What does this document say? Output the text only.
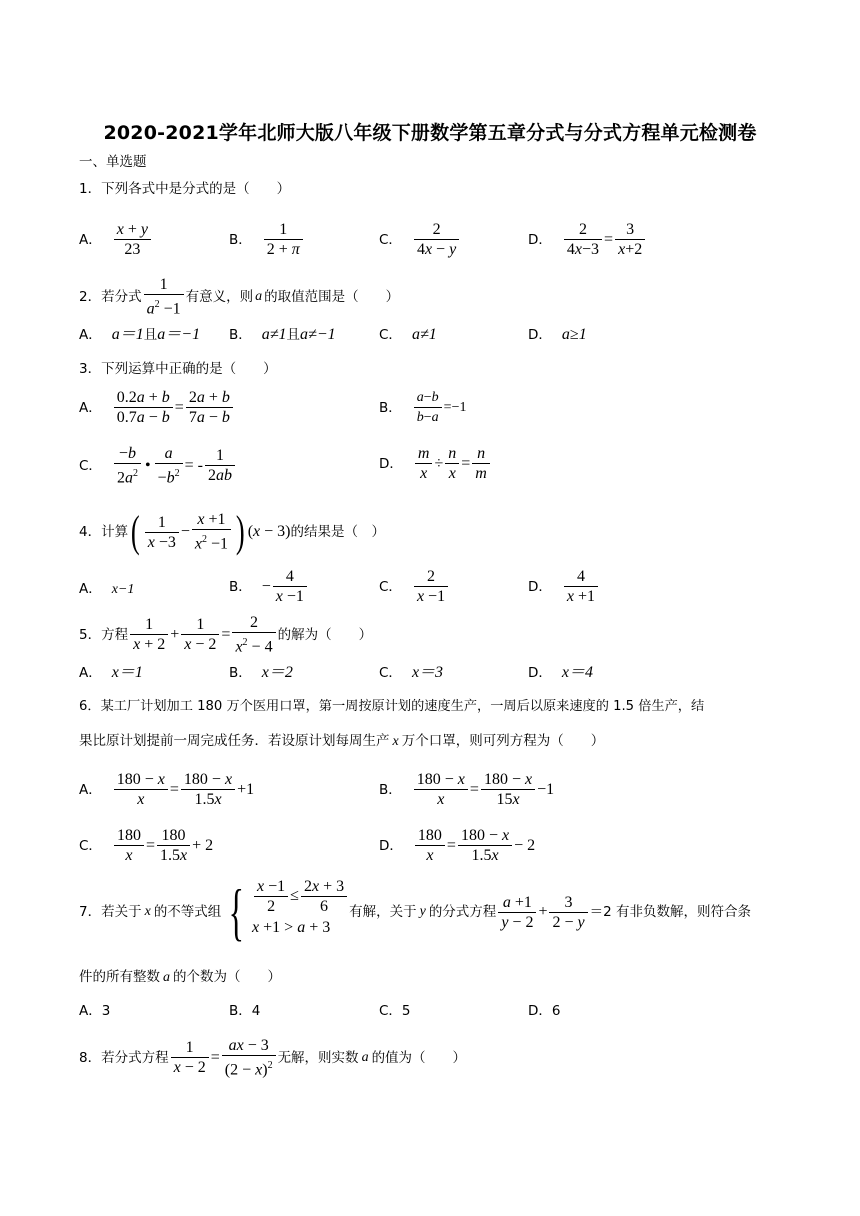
2020-2021学年北师大版八年级下册数学第五章分式与分式方程单元检测卷
一、单选题
1．下列各式中是分式的是（　　）
A． $\frac{x + y}{23}$	B． $\frac{1}{2 + \pi}$	C． $\frac{2}{4x - y}$	D． $\frac{2}{4x-3} = \frac{3}{x+2}$
2．若分式 $\frac{1}{a^2 -1}$ 有意义，则 a 的取值范围是（　　）
A． a＝1且a＝−1 B． a≠1且a≠−1	C． a≠1	D． a≥1
3．下列运算中正确的是（　　）
A． $\frac{0.2a + b}{0.7a - b} = \frac{2a + b}{7a - b}$	B． $\frac{a-b}{b-a} =-1$
C． $\frac{-b}{2a^2}$ • $\frac{a}{-b^2}$ = - $\frac{1}{2ab}$	D． $\frac{m}{x} \div \frac{n}{x} = \frac{n}{m}$
4．计算 ( $\frac{1}{x -3} - \frac{x +1}{x^2 -1}$ ) (x − 3) 的结果是（　）
A． x−1	B． − $\frac{4}{x -1}$	C． $\frac{2}{x -1}$	D． $\frac{4}{x +1}$
5．方程 $\frac{1}{x + 2} + \frac{1}{x - 2} = \frac{2}{x^2 - 4}$ 的解为（　　）
A． x＝1	B． x＝2	C． x＝3	D． x＝4
6．某工厂计划加工 180 万个医用口罩，第一周按原计划的速度生产，一周后以原来速度的 1.5 倍生产，结
果比原计划提前一周完成任务．若设原计划每周生产 x 万个口罩，则可列方程为（　　）
A． $\frac{180 - x}{x} = \frac{180 - x}{1.5x} +1$	B． $\frac{180 - x}{x} = \frac{180 - x}{15x} -1$
C． $\frac{180}{x} = \frac{180}{1.5x} + 2$	D． $\frac{180}{x} = \frac{180 - x}{1.5x} - 2$
7．若关于 x 的不等式组 { $\frac{x -1}{2} \le \frac{2x + 3}{6}$
x +1 > a + 3
有解，关于 y 的分式方程 $\frac{a +1}{y - 2} + \frac{3}{2 - y} =2$ 有非负数解，则符合条
件的所有整数 a 的个数为（　　）
A．3	B．4	C．5	D．6
8．若分式方程 $\frac{1}{x - 2} = \frac{ax - 3}{(2 - x)^2}$ 无解，则实数 a 的值为（　　）
